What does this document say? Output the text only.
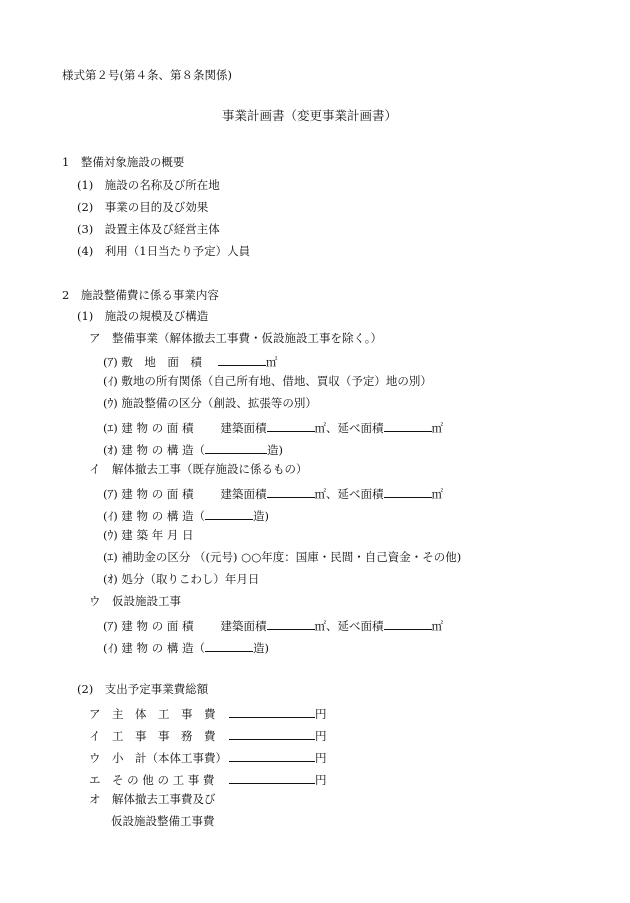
様式第２号(第４条、第８条関係)
事業計画書（変更事業計画書）
1　整備対象施設の概要
(1)　施設の名称及び所在地
(2)　事業の目的及び効果
(3)　設置主体及び経営主体
(4)　利用（1日当たり予定）人員
2　施設整備費に係る事業内容
(1)　施設の規模及び構造
ア　整備事業（解体撤去工事費・仮設施設工事を除く。）
(ｱ) 敷　地　面　積	㎡
(ｲ) 敷地の所有関係（自己所有地、借地、買収（予定）地の別）
(ｳ) 施設整備の区分（創設、拡張等の別）
(ｴ) 建 物 の 面 積 建築面積	㎡、延べ面積	㎡
(ｵ) 建 物 の 構 造（	造)
イ　解体撤去工事（既存施設に係るもの）
(ｱ) 建 物 の 面 積 建築面積	㎡、延べ面積	㎡
(ｲ) 建 物 の 構 造（	造)
(ｳ) 建 築 年 月 日
(ｴ) 補助金の区分 （(元号) ○○年度：国庫・民間・自己資金・その他)
(ｵ) 処分（取りこわし）年月日
ウ　仮設施設工事
(ｱ) 建 物 の 面 積 建築面積	㎡、延べ面積	㎡
(ｲ) 建 物 の 構 造（	造)
(2)　支出予定事業費総額
ア　主　体　工　事　費	円
イ　工　事　事　務　費	円
ウ　小　計（本体工事費）	円
エ　そ の 他 の 工 事 費	円
オ　解体撤去工事費及び
仮設施設整備工事費
